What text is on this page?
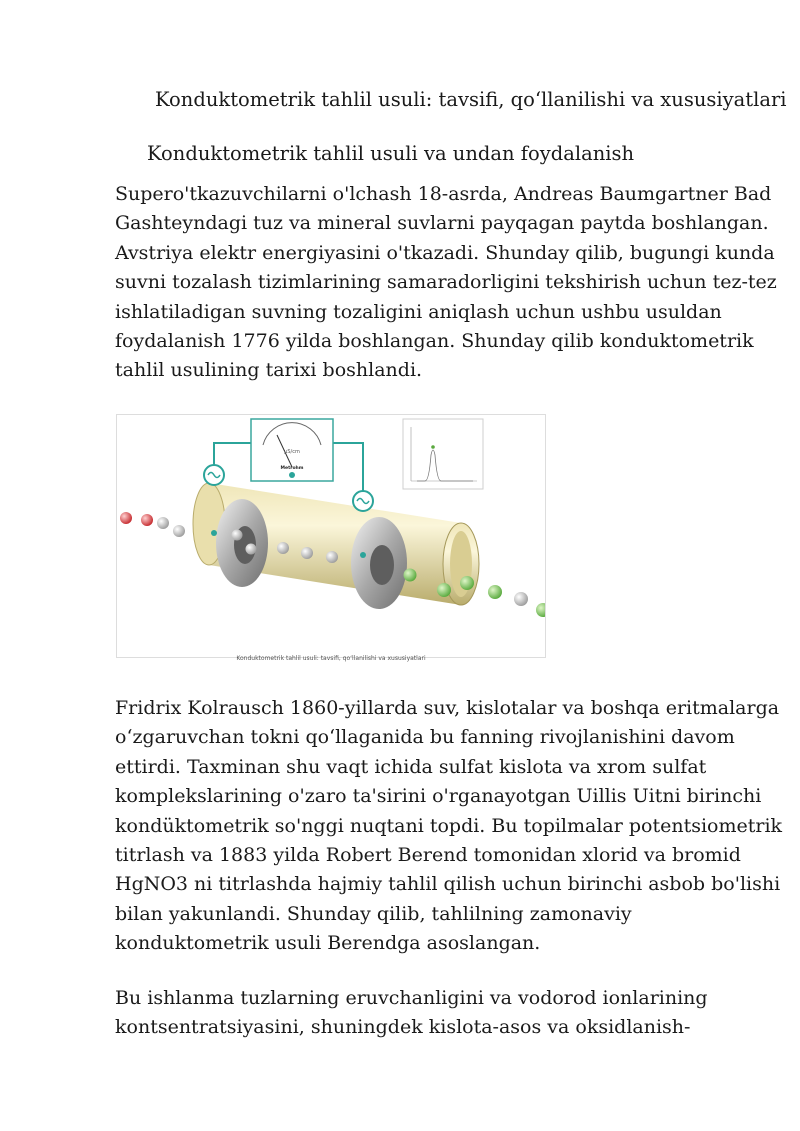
Konduktometrik tahlil usuli: tavsifi, qo‘llanilishi va xususiyatlari
Konduktometrik tahlil usuli va undan foydalanish

Supero'tkazuvchilarni o'lchash 18-asrda, Andreas Baumgartner Bad
Gashteyndagi tuz va mineral suvlarni payqagan paytda boshlangan.
Avstriya elektr energiyasini o'tkazadi. Shunday qilib, bugungi kunda
suvni tozalash tizimlarining samaradorligini tekshirish uchun tez-tez
ishlatiladigan suvning tozaligini aniqlash uchun ushbu usuldan
foydalanish 1776 yilda boshlangan. Shunday qilib konduktometrik
tahlil usulining tarixi boshlandi.

µS/cm
Metrohm
Konduktometrik tahlil usuli: tavsifi, qo‘llanilishi va xususiyatlari

Fridrix Kolrausch 1860-yillarda suv, kislotalar va boshqa eritmalarga
o‘zgaruvchan tokni qo‘llaganida bu fanning rivojlanishini davom
ettirdi. Taxminan shu vaqt ichida sulfat kislota va xrom sulfat
komplekslarining o'zaro ta'sirini o'rganayotgan Uillis Uitni birinchi
kondüktometrik so'nggi nuqtani topdi. Bu topilmalar potentsiometrik
titrlash va 1883 yilda Robert Berend tomonidan xlorid va bromid
HgNO3 ni titrlashda hajmiy tahlil qilish uchun birinchi asbob bo'lishi
bilan yakunlandi. Shunday qilib, tahlilning zamonaviy
konduktometrik usuli Berendga asoslangan.

Bu ishlanma tuzlarning eruvchanligini va vodorod ionlarining
kontsentratsiyasini, shuningdek kislota-asos va oksidlanish-
